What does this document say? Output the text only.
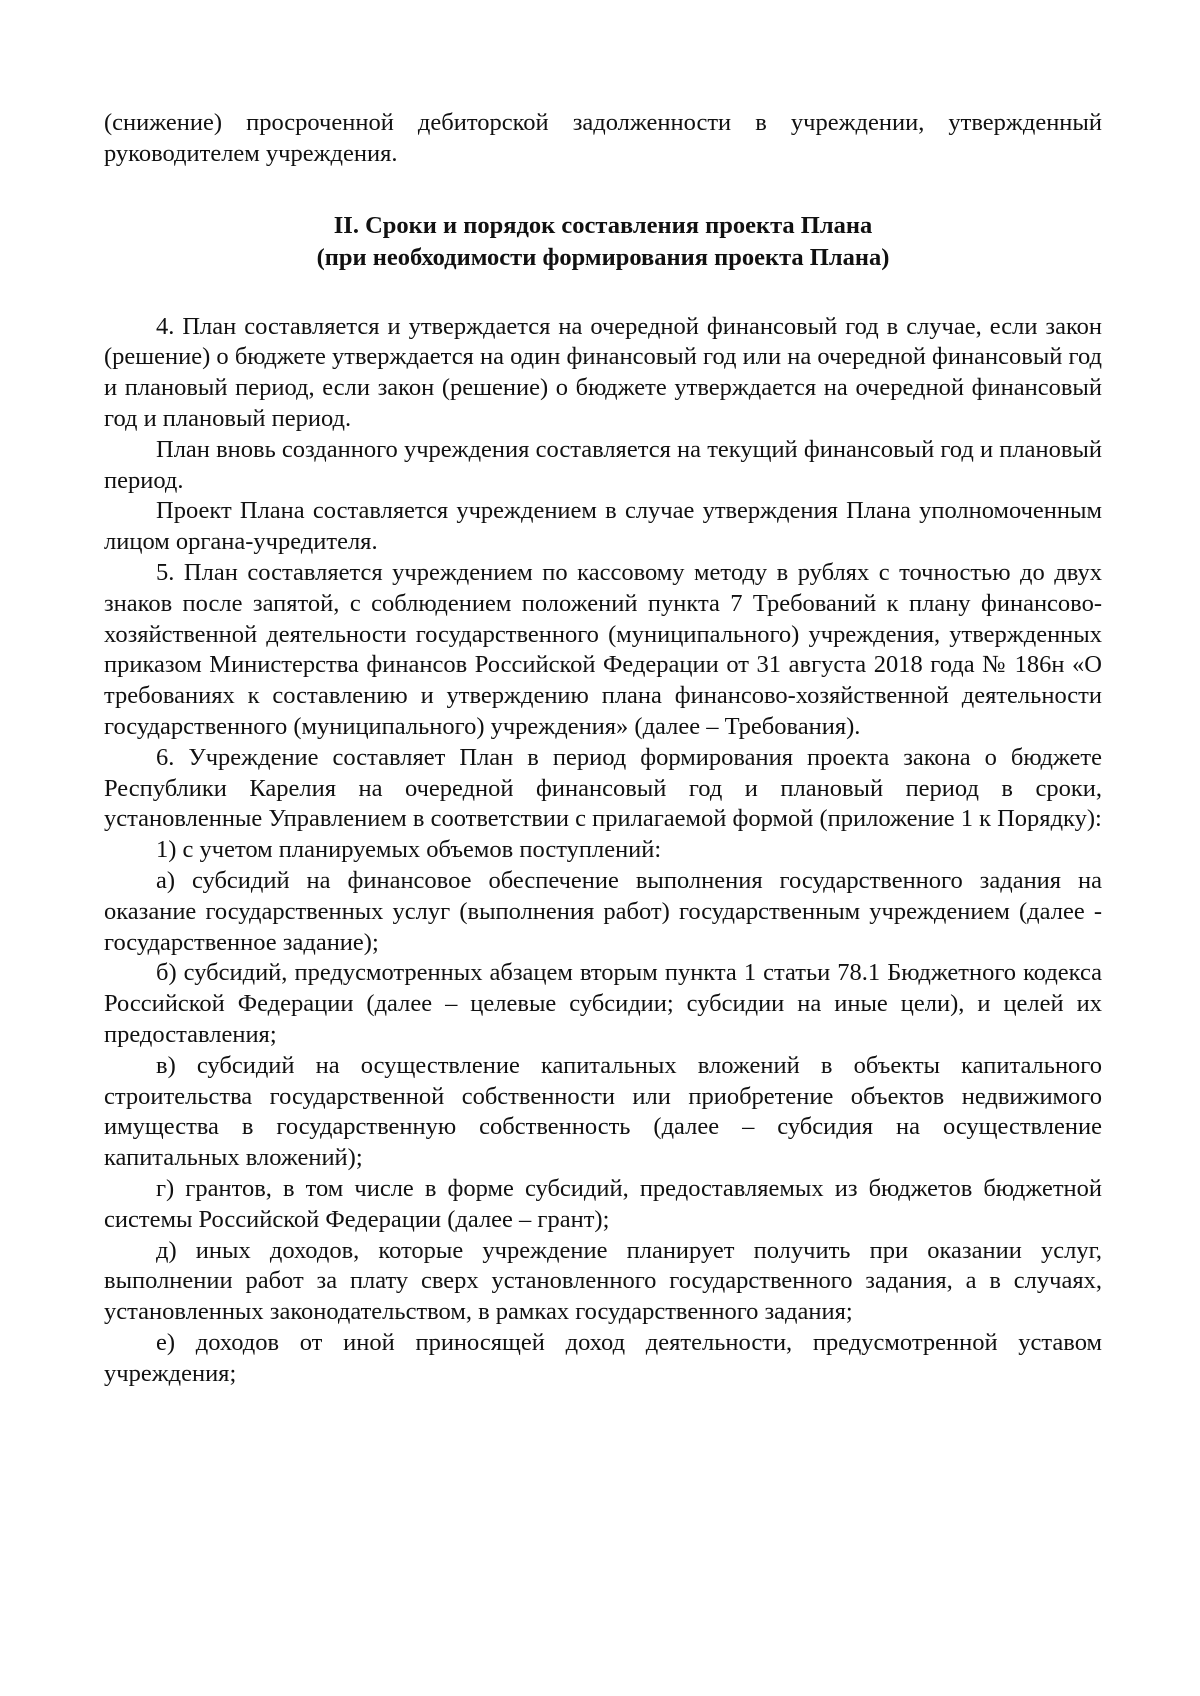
(снижение) просроченной дебиторской задолженности в учреждении, утвержденный руководителем учреждения.

II. Сроки и порядок составления проекта Плана
(при необходимости формирования проекта Плана)

4. План составляется и утверждается на очередной финансовый год в случае, если закон (решение) о бюджете утверждается на один финансовый год или на очередной финансовый год и плановый период, если закон (решение) о бюджете утверждается на очередной финансовый год и плановый период.

План вновь созданного учреждения составляется на текущий финансовый год и плановый период.

Проект Плана составляется учреждением в случае утверждения Плана уполномоченным лицом органа-учредителя.

5. План составляется учреждением по кассовому методу в рублях с точностью до двух знаков после запятой, с соблюдением положений пункта 7 Требований к плану финансово-хозяйственной деятельности государственного (муниципального) учреждения, утвержденных приказом Министерства финансов Российской Федерации от 31 августа 2018 года № 186н «О требованиях к составлению и утверждению плана финансово-хозяйственной деятельности государственного (муниципального) учреждения» (далее – Требования).

6. Учреждение составляет План в период формирования проекта закона о бюджете Республики Карелия на очередной финансовый год и плановый период в сроки, установленные Управлением в соответствии с прилагаемой формой (приложение 1 к Порядку):

1) с учетом планируемых объемов поступлений:

а) субсидий на финансовое обеспечение выполнения государственного задания на оказание государственных услуг (выполнения работ) государственным учреждением (далее - государственное задание);

б) субсидий, предусмотренных абзацем вторым пункта 1 статьи 78.1 Бюджетного кодекса Российской Федерации (далее – целевые субсидии; субсидии на иные цели), и целей их предоставления;

в) субсидий на осуществление капитальных вложений в объекты капитального строительства государственной собственности или приобретение объектов недвижимого имущества в государственную собственность (далее – субсидия на осуществление капитальных вложений);

г) грантов, в том числе в форме субсидий, предоставляемых из бюджетов бюджетной системы Российской Федерации (далее – грант);

д) иных доходов, которые учреждение планирует получить при оказании услуг, выполнении работ за плату сверх установленного государственного задания, а в случаях, установленных законодательством, в рамках государственного задания;

е) доходов от иной приносящей доход деятельности, предусмотренной уставом учреждения;
